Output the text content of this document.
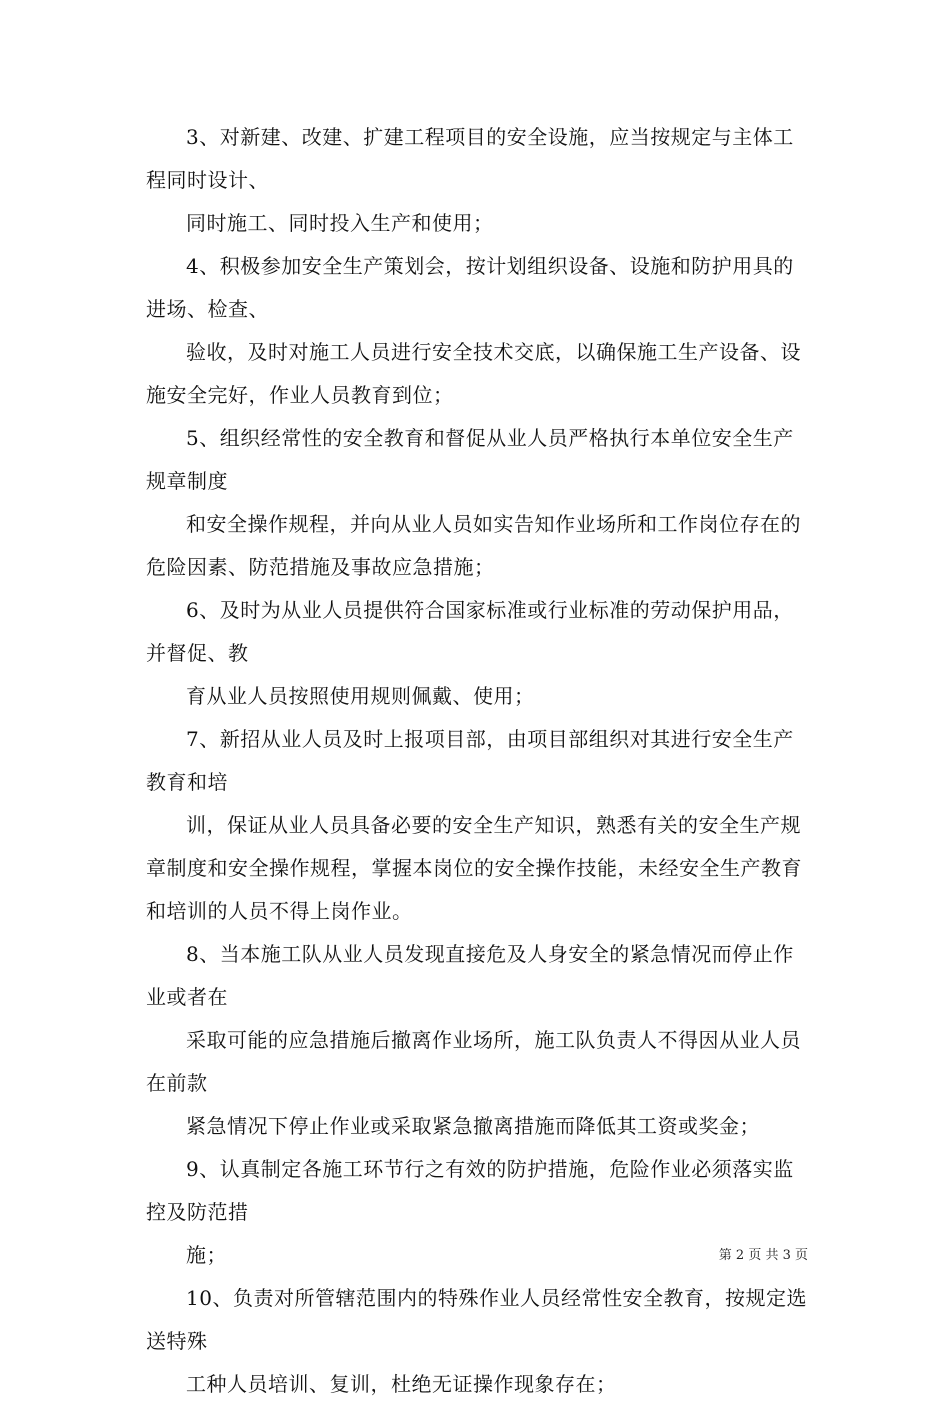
3、对新建、改建、扩建工程项目的安全设施，应当按规定与主体工程同时设计、

同时施工、同时投入生产和使用；

4、积极参加安全生产策划会，按计划组织设备、设施和防护用具的进场、检查、

验收，及时对施工人员进行安全技术交底，以确保施工生产设备、设施安全完好，作业人员教育到位；

5、组织经常性的安全教育和督促从业人员严格执行本单位安全生产规章制度

和安全操作规程，并向从业人员如实告知作业场所和工作岗位存在的危险因素、防范措施及事故应急措施；

6、及时为从业人员提供符合国家标准或行业标准的劳动保护用品，并督促、教

育从业人员按照使用规则佩戴、使用；

7、新招从业人员及时上报项目部，由项目部组织对其进行安全生产教育和培

训，保证从业人员具备必要的安全生产知识，熟悉有关的安全生产规章制度和安全操作规程，掌握本岗位的安全操作技能，未经安全生产教育和培训的人员不得上岗作业。

8、当本施工队从业人员发现直接危及人身安全的紧急情况而停止作业或者在

采取可能的应急措施后撤离作业场所，施工队负责人不得因从业人员在前款

紧急情况下停止作业或采取紧急撤离措施而降低其工资或奖金；

9、认真制定各施工环节行之有效的防护措施，危险作业必须落实监控及防范措

施；

10、负责对所管辖范围内的特殊作业人员经常性安全教育，按规定选送特殊

工种人员培训、复训，杜绝无证操作现象存在；

第 2 页 共 3 页
